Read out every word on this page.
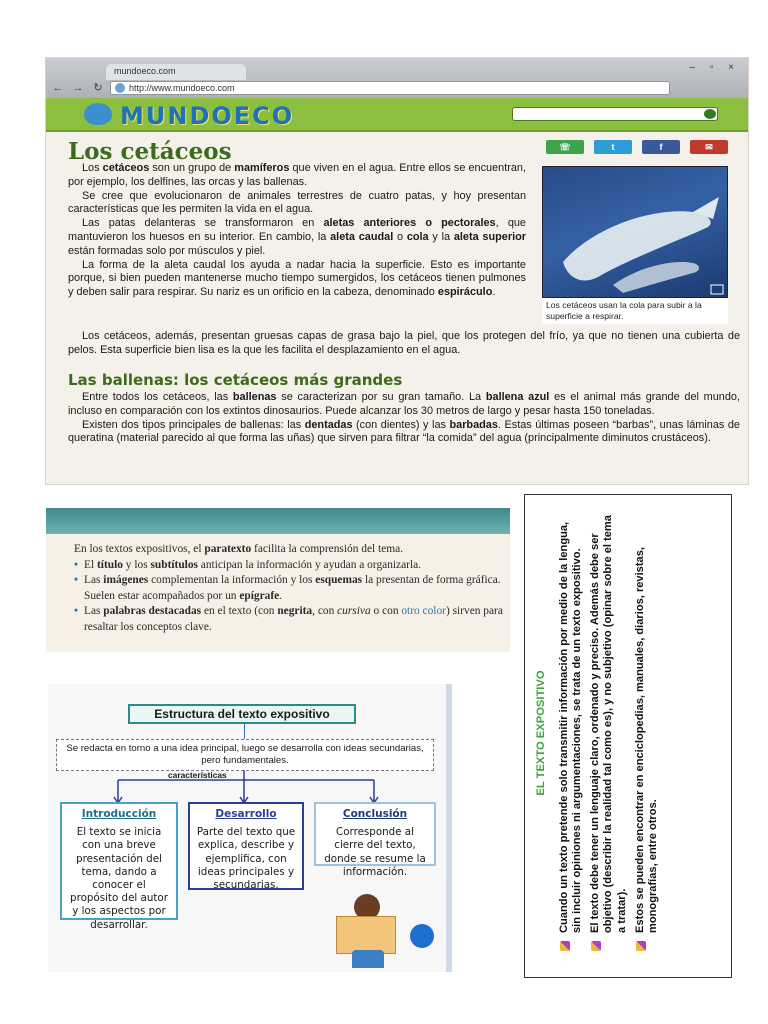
mundoeco.com	– ▫ ×
← → ↻	http://www.mundoeco.com
MUNDOECO
Los cetáceos	☏	t	f	✉

Los cetáceos son un grupo de mamíferos que viven en el agua. Entre ellos se encuentran, por ejemplo, los delfines, las orcas y las ballenas.

Se cree que evolucionaron de animales terrestres de cuatro patas, y hoy presentan características que les permiten la vida en el agua.

Las patas delanteras se transformaron en aletas anteriores o pectorales, que mantuvieron los huesos en su interior. En cambio, la aleta caudal o cola y la aleta superior están formadas solo por músculos y piel.

La forma de la aleta caudal los ayuda a nadar hacia la superficie. Esto es importante porque, si bien pueden mantenerse mucho tiempo sumergidos, los cetáceos tienen pulmones y deben salir para respirar. Su nariz es un orificio en la cabeza, denominado espiráculo.

Los cetáceos usan la cola para subir a la superficie a respirar.

Los cetáceos, además, presentan gruesas capas de grasa bajo la piel, que los protegen del frío, ya que no tienen una cubierta de pelos. Esta superficie bien lisa es la que les facilita el desplazamiento en el agua.

Las ballenas: los cetáceos más grandes

Entre todos los cetáceos, las ballenas se caracterizan por su gran tamaño. La ballena azul es el animal más grande del mundo, incluso en comparación con los extintos dinosaurios. Puede alcanzar los 30 metros de largo y pesar hasta 150 toneladas.

Existen dos tipos principales de ballenas: las dentadas (con dientes) y las barbadas. Estas últimas poseen “barbas”, unas láminas de queratina (material parecido al que forma las uñas) que sirven para filtrar “la comida” del agua (principalmente diminutos crustáceos).

En los textos expositivos, el paratexto facilita la comprensión del tema.

• El título y los subtítulos anticipan la información y ayudan a organizarla.
• Las imágenes complementan la información y los esquemas la presentan de forma gráfica. Suelen estar acompañados por un epígrafe.
• Las palabras destacadas en el texto (con negrita, con cursiva o con otro color) sirven para resaltar los conceptos clave.
Estructura del texto expositivo
Se redacta en torno a una idea principal, luego se desarrolla con ideas secundarias, pero fundamentales.
características
Introducción

El texto se inicia con una breve presentación del tema, dando a conocer el propósito del autor y los aspectos por desarrollar.

Desarrollo

Parte del texto que explica, describe y ejemplifica, con ideas principales y secundarias.

Conclusión

Corresponde al cierre del texto, donde se resume la información.

EL TEXTO EXPOSITIVO Cuando un texto pretende solo transmitir información por medio de la lengua, sin incluir opiniones ni argumentaciones, se trata de un texto expositivo. El texto debe tener un lenguaje claro, ordenado y preciso. Además debe ser objetivo (describir la realidad tal como es), y no subjetivo (opinar sobre el tema a tratar). Estos se pueden encontrar en enciclopedias, manuales, diarios, revistas, monografías, entre otros.
